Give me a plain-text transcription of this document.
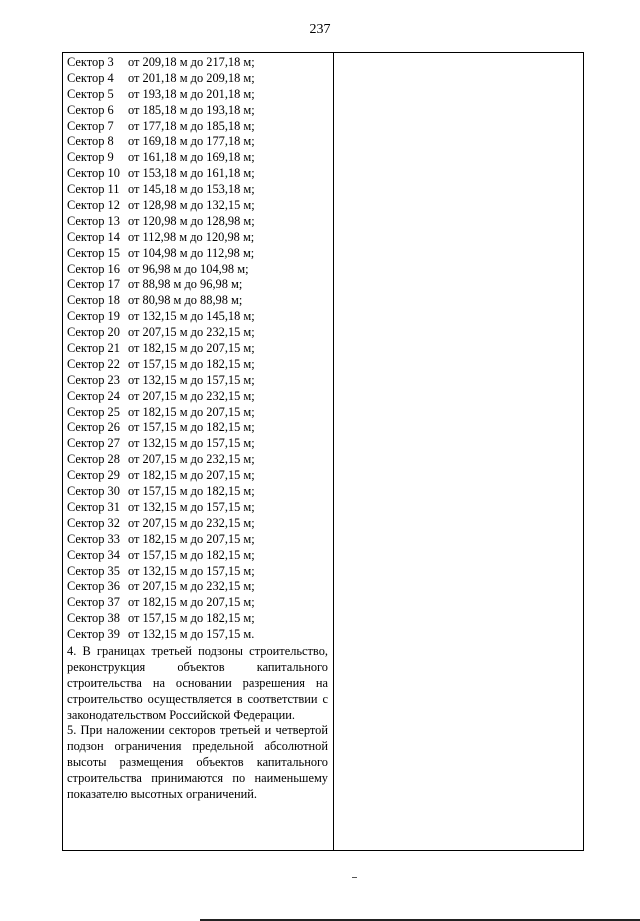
237
Сектор 3 от 209,18 м до 217,18 м;
Сектор 4 от 201,18 м до 209,18 м;
Сектор 5 от 193,18 м до 201,18 м;
Сектор 6 от 185,18 м до 193,18 м;
Сектор 7 от 177,18 м до 185,18 м;
Сектор 8 от 169,18 м до 177,18 м;
Сектор 9 от 161,18 м до 169,18 м;
Сектор 10 от 153,18 м до 161,18 м;
Сектор 11 от 145,18 м до 153,18 м;
Сектор 12 от 128,98 м до 132,15 м;
Сектор 13 от 120,98 м до 128,98 м;
Сектор 14 от 112,98 м до 120,98 м;
Сектор 15 от 104,98 м до 112,98 м;
Сектор 16 от 96,98 м до 104,98 м;
Сектор 17 от 88,98 м до 96,98 м;
Сектор 18 от 80,98 м до 88,98 м;
Сектор 19 от 132,15 м до 145,18 м;
Сектор 20 от 207,15 м до 232,15 м;
Сектор 21 от 182,15 м до 207,15 м;
Сектор 22 от 157,15 м до 182,15 м;
Сектор 23 от 132,15 м до 157,15 м;
Сектор 24 от 207,15 м до 232,15 м;
Сектор 25 от 182,15 м до 207,15 м;
Сектор 26 от 157,15 м до 182,15 м;
Сектор 27 от 132,15 м до 157,15 м;
Сектор 28 от 207,15 м до 232,15 м;
Сектор 29 от 182,15 м до 207,15 м;
Сектор 30 от 157,15 м до 182,15 м;
Сектор 31 от 132,15 м до 157,15 м;
Сектор 32 от 207,15 м до 232,15 м;
Сектор 33 от 182,15 м до 207,15 м;
Сектор 34 от 157,15 м до 182,15 м;
Сектор 35 от 132,15 м до 157,15 м;
Сектор 36 от 207,15 м до 232,15 м;
Сектор 37 от 182,15 м до 207,15 м;
Сектор 38 от 157,15 м до 182,15 м;
Сектор 39 от 132,15 м до 157,15 м.

4. В границах третьей подзоны строительство, реконструкция объектов капитального строительства на основании разрешения на строительство осуществляется в соответствии с законодательством Российской Федерации.

5. При наложении секторов третьей и четвертой подзон ограничения предельной абсолютной высоты размещения объектов капитального строительства принимаются по наименьшему показателю высотных ограничений.
